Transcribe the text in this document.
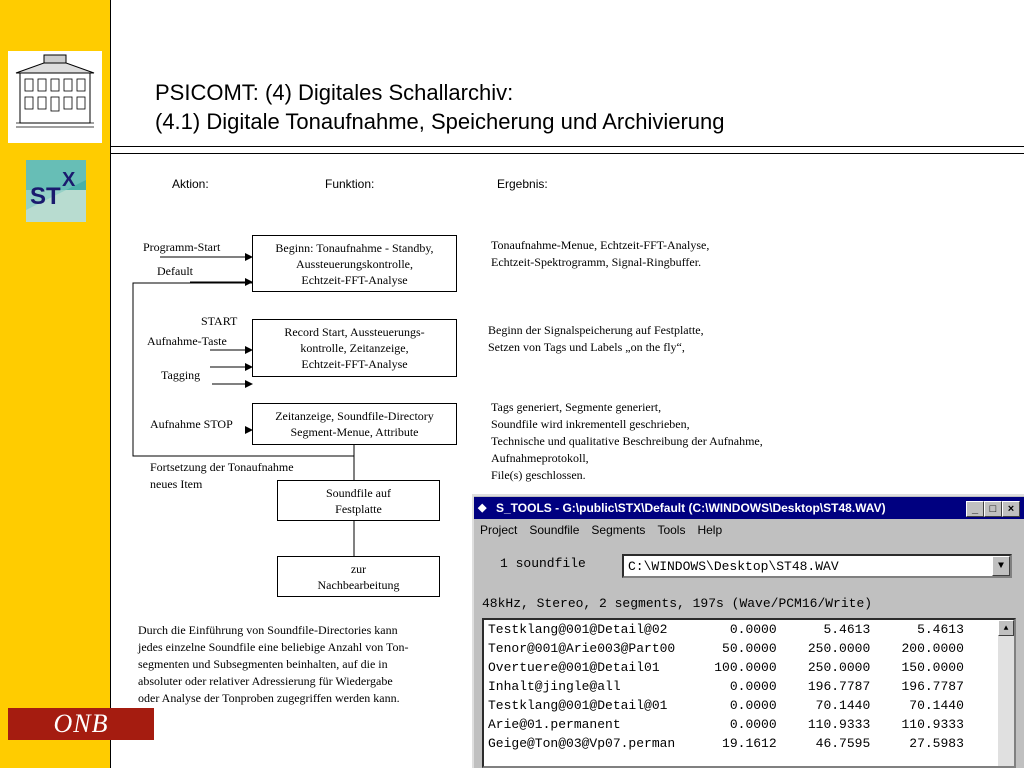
ST
X
ONB
PSICOMT: (4) Digitales Schallarchiv:
(4.1) Digitale Tonaufnahme, Speicherung und Archivierung
Aktion:	Funktion:	Ergebnis:
Programm-Start
Default
START
Aufnahme-Taste
Tagging
Aufnahme STOP
Fortsetzung der Tonaufnahme
neues Item
Beginn: Tonaufnahme - Standby,
Aussteuerungskontrolle,
Echtzeit-FFT-Analyse
Record Start, Aussteuerungs-
kontrolle, Zeitanzeige,
Echtzeit-FFT-Analyse
Zeitanzeige, Soundfile-Directory
Segment-Menue, Attribute
Soundfile auf
Festplatte
zur
Nachbearbeitung
Tonaufnahme-Menue, Echtzeit-FFT-Analyse,
Echtzeit-Spektrogramm, Signal-Ringbuffer.
Beginn der Signalspeicherung auf Festplatte,
Setzen von Tags und Labels „on the fly“,
Tags generiert, Segmente generiert,
Soundfile wird inkrementell geschrieben,
Technische und qualitative Beschreibung der Aufnahme,
Aufnahmeprotokoll,
File(s) geschlossen.
Durch die Einführung von Soundfile-Directories kann
jedes einzelne Soundfile eine beliebige Anzahl von Ton-
segmenten und Subsegmenten beinhalten, auf die in
absoluter oder relativer Adressierung für Wiedergabe
oder Analyse der Tonproben zugegriffen werden kann.
◆ S_TOOLS - G:\public\STX\Default (C:\WINDOWS\Desktop\ST48.WAV)	_	□	×
Project	Soundfile	Segments	Tools	Help
1 soundfile	C:\WINDOWS\Desktop\ST48.WAV	▼
48kHz, Stereo, 2 segments, 197s (Wave/PCM16/Write)
Testklang@001@Detail@02        0.0000      5.4613      5.4613
Tenor@001@Arie003@Part00      50.0000    250.0000    200.0000
Overtuere@001@Detail01       100.0000    250.0000    150.0000
Inhalt@jingle@all              0.0000    196.7787    196.7787
Testklang@001@Detail@01        0.0000     70.1440     70.1440
Arie@01.permanent              0.0000    110.9333    110.9333
Geige@Ton@03@Vp07.perman      19.1612     46.7595     27.5983
▲
